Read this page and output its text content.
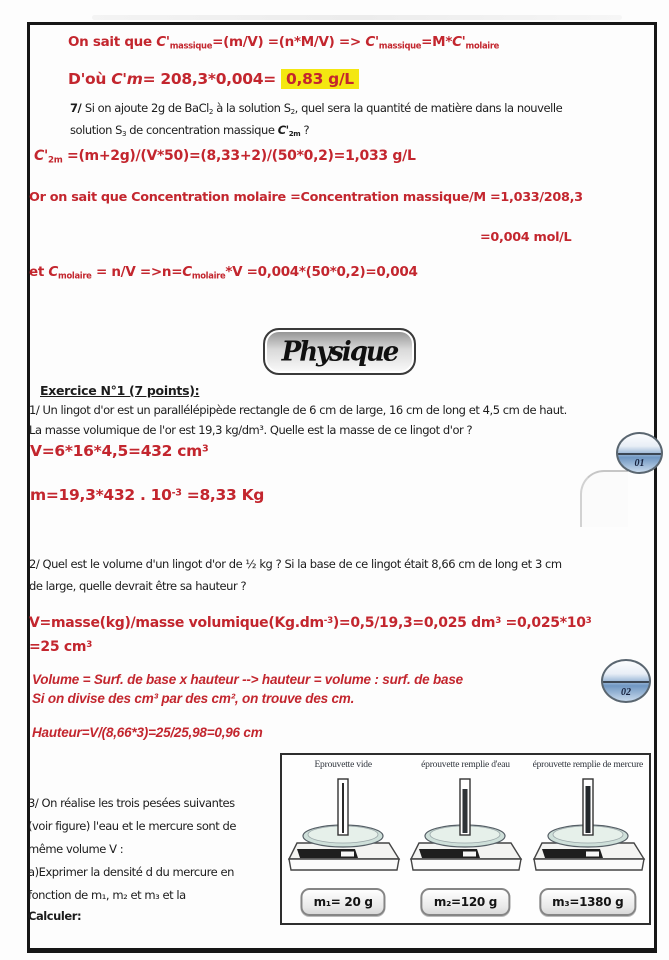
On sait que $C'_{massique}=(m/V) =(n*M/V) => C'_{massique}=M*C'_{molaire}$
D'où C'm= 208,3*0,004= 0,83 g/L
7/ Si on ajoute 2g de BaCl$_2$ à la solution $S_2$, quel sera la quantité de matière dans la nouvelle
solution $S_3$ de concentration massique $C'_{2m}$ ?
$C'_{2m} =(m+2g)/(V*50)=(8,33+2)/(50*0,2)=1,033$ g/L
Or on sait que Concentration molaire =Concentration massique/M =1,033/208,3
=0,004 mol/L
et $C_{molaire} = n/V =>n=C_{molaire}*V =0,004*(50*0,2)=0,004$
Physique
Exercice N°1 (7 points):
1/ Un lingot d'or est un parallélépipède rectangle de 6 cm de large, 16 cm de long et 4,5 cm de haut.
La masse volumique de l'or est 19,3 kg/dm³. Quelle est la masse de ce lingot d'or ?
V=6*16*4,5=432 $cm^3$
m=19,3*432 . $10^{-3} =8,33$ Kg
2/ Quel est le volume d'un lingot d'or de ½ kg ? Si la base de ce lingot était 8,66 cm de long et 3 cm
de large, quelle devrait être sa hauteur ?
V=masse(kg)/masse $volumique(Kg.dm^{-3})=0,5/19,3=0,025$ $dm^3 =0,025*10^3$
=25 $cm^3$
Volume = Surf. de base x hauteur --> hauteur = volume : surf. de base
Si on divise des cm³ par des cm², on trouve des cm.
Hauteur=V/(8,66*3)=25/25,98=0,96 cm
01
02
3/ On réalise les trois pesées suivantes
(voir figure) l'eau et le mercure sont de
même volume V :
a)Exprimer la densité d du mercure en
fonction de m₁, m₂ et m₃ et la
Calculer:
Eprouvette vide
m₁= 20 g
éprouvette remplie d'eau
m₂=120 g
éprouvette remplie de mercure
m₃=1380 g
